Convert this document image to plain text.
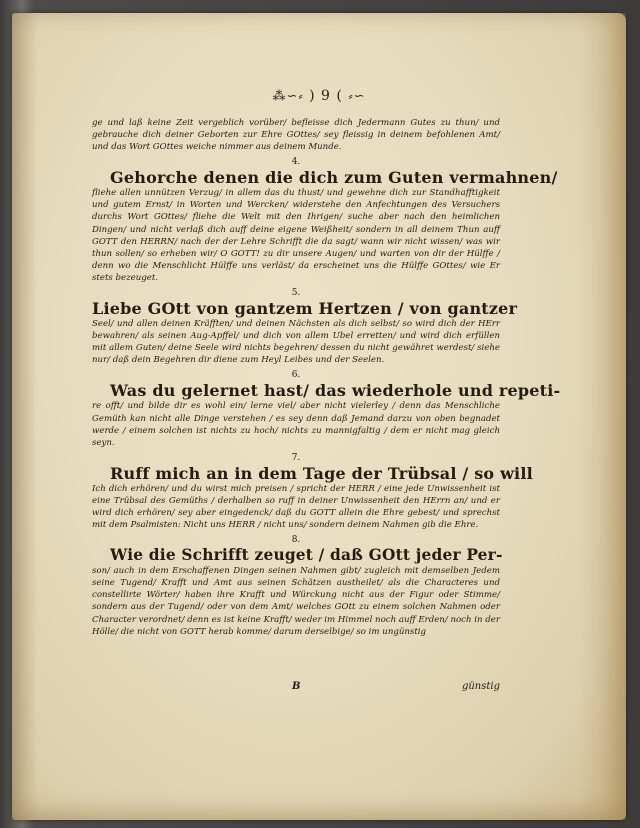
⁂∽⸗ ) 9 ( ⸗∽

ge und laß keine Zeit vergeblich vorüber/ befleisse dich Jedermann Gutes zu thun/ und gebrauche dich deiner Geborten zur Ehre GOttes/ sey fleissig in deinem befohlenen Amt/ und das Wort GOttes weiche nimmer aus deinem Munde.

4.
Gehorche denen die dich zum Guten vermahnen/

fliehe allen unnützen Verzug/ in allem das du thust/ und gewehne dich zur Standhafftigkeit und gutem Ernst/ in Worten und Wercken/ widerstehe den Anfechtungen des Versuchers durchs Wort GOttes/ fliehe die Welt mit den Ihrigen/ suche aber nach den heimlichen Dingen/ und nicht verlaß dich auff deine eigene Weißheit/ sondern in all deinem Thun auff GOTT den HERRN/ nach der der Lehre Schrifft die da sagt/ wann wir nicht wissen/ was wir thun sollen/ so erheben wir/ O GOTT! zu dir unsere Augen/ und warten von dir der Hülffe / denn wo die Menschlicht Hülffe uns verläst/ da erscheinet uns die Hülffe GOttes/ wie Er stets bezeuget.

5.
Liebe GOtt von gantzem Hertzen / von gantzer

Seel/ und allen deinen Kräfften/ und deinen Nächsten als dich selbst/ so wird dich der HErr bewahren/ als seinen Aug-Apffel/ und dich von allem Ubel erretten/ und wird dich erfüllen mit allem Guten/ deine Seele wird nichts begehren/ dessen du nicht gewähret werdest/ siehe nur/ daß dein Begehren dir diene zum Heyl Leibes und der Seelen.

6.
Was du gelernet hast/ das wiederhole und repeti-

re offt/ und bilde dir es wohl ein/ lerne viel/ aber nicht vielerley / denn das Menschliche Gemüth kan nicht alle Dinge verstehen / es sey denn daß Jemand darzu von oben begnadet werde / einem solchen ist nichts zu hoch/ nichts zu mannigfaltig / dem er nicht mag gleich seyn.

7.
Ruff mich an in dem Tage der Trübsal / so will

Ich dich erhören/ und du wirst mich preisen / spricht der HERR / eine jede Unwissenheit ist eine Trübsal des Gemüths / derhalben so ruff in deiner Unwissenheit den HErrn an/ und er wird dich erhören/ sey aber eingedenck/ daß du GOTT allein die Ehre gebest/ und sprechst mit dem Psalmisten: Nicht uns HERR / nicht uns/ sondern deinem Nahmen gib die Ehre.

8.
Wie die Schrifft zeuget / daß GOtt jeder Per-

son/ auch in dem Erschaffenen Dingen seinen Nahmen gibt/ zugleich mit demselben Jedem seine Tugend/ Krafft und Amt aus seinen Schätzen austheilet/ als die Characteres und constellirte Wörter/ haben ihre Krafft und Würckung nicht aus der Figur oder Stimme/ sondern aus der Tugend/ oder von dem Amt/ welches GOtt zu einem solchen Nahmen oder Character verordnet/ denn es ist keine Krafft/ weder im Himmel noch auff Erden/ noch in der Hölle/ die nicht von GOTT herab komme/ darum derselbige/ so im ungünstig

B	günstig
